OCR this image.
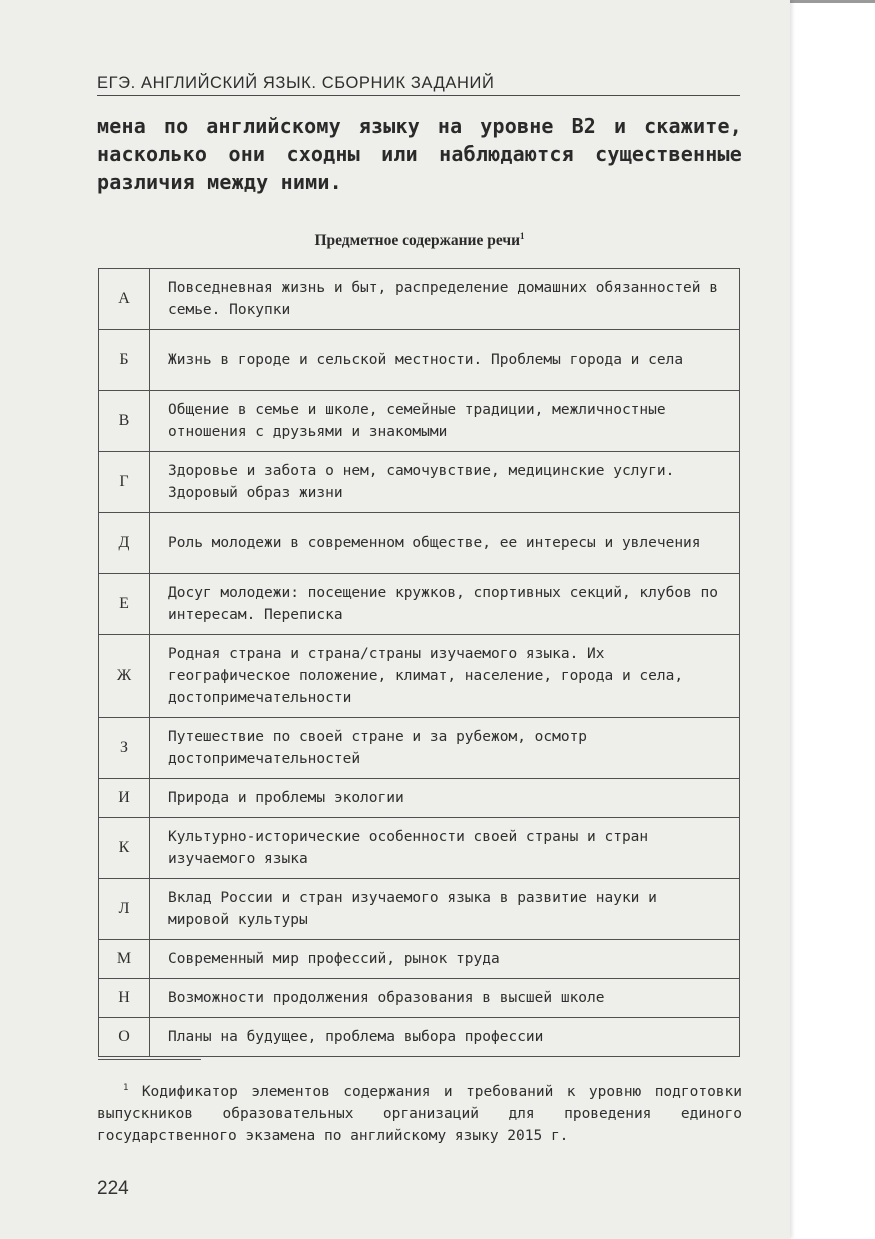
ЕГЭ. АНГЛИЙСКИЙ ЯЗЫК. СБОРНИК ЗАДАНИЙ
мена по английскому языку на уровне B2 и скажите, насколько они сходны или наблюдаются существенные различия между ними.
Предметное содержание речи$^1$
А	Повседневная жизнь и быт, распределение домашних обязанностей в семье. Покупки
Б	Жизнь в городе и сельской местности. Проблемы города и села
В	Общение в семье и школе, семейные традиции, межличностные отношения с друзьями и знакомыми
Г	Здоровье и забота о нем, самочувствие, медицинские услуги. Здоровый образ жизни
Д	Роль молодежи в современном обществе, ее интересы и увлечения
Е	Досуг молодежи: посещение кружков, спортивных секций, клубов по интересам. Переписка
Ж	Родная страна и страна/страны изучаемого языка. Их географическое положение, климат, население, города и села, достопримечательности
З	Путешествие по своей стране и за рубежом, осмотр достопримечательностей
И	Природа и проблемы экологии
К	Культурно-исторические особенности своей страны и стран изучаемого языка
Л	Вклад России и стран изучаемого языка в развитие науки и мировой культуры
М	Современный мир профессий, рынок труда
Н	Возможности продолжения образования в высшей школе
О	Планы на будущее, проблема выбора профессии
$^1$ Кодификатор элементов содержания и требований к уровню подготовки выпускников образовательных организаций для проведения единого государственного экзамена по английскому языку 2015 г.
224
